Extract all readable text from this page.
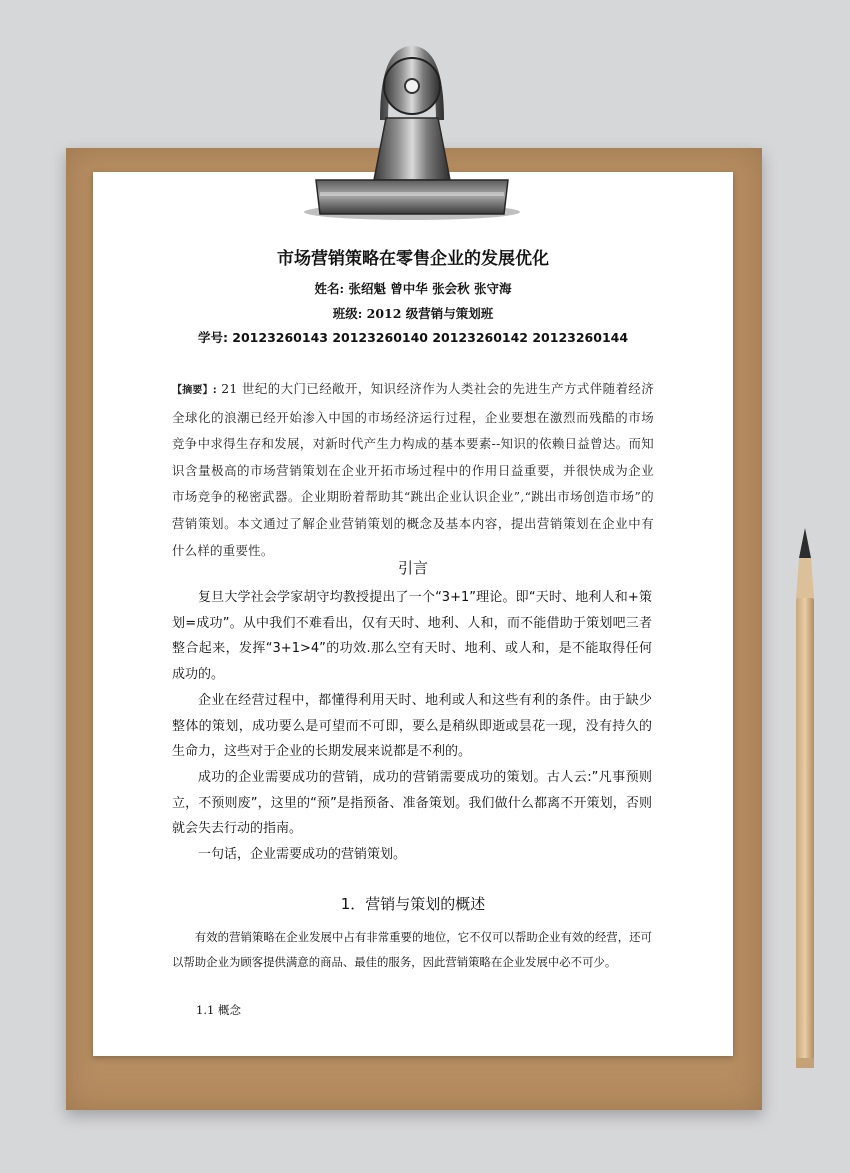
市场营销策略在零售企业的发展优化
姓名: 张绍魁 曾中华 张会秋 张守海
班级: 2012 级营销与策划班
学号: 20123260143 20123260140 20123260142 20123260144

【摘要】: 21 世纪的大门已经敞开，知识经济作为人类社会的先进生产方式伴随着经济全球化的浪潮已经开始渗入中国的市场经济运行过程，企业要想在激烈而残酷的市场竞争中求得生存和发展，对新时代产生力构成的基本要素--知识的依赖日益曾达。而知识含量极高的市场营销策划在企业开拓市场过程中的作用日益重要，并很快成为企业市场竞争的秘密武器。企业期盼着帮助其“跳出企业认识企业”,“跳出市场创造市场”的营销策划。本文通过了解企业营销策划的概念及基本内容，提出营销策划在企业中有什么样的重要性。

引言

复旦大学社会学家胡守均教授提出了一个“3+1”理论。即“天时、地利人和+策划=成功”。从中我们不难看出，仅有天时、地利、人和，而不能借助于策划吧三者整合起来，发挥“3+1>4”的功效.那么空有天时、地利、或人和，是不能取得任何成功的。

企业在经营过程中，都懂得利用天时、地利或人和这些有利的条件。由于缺少整体的策划，成功要么是可望而不可即，要么是稍纵即逝或昙花一现，没有持久的生命力，这些对于企业的长期发展来说都是不利的。

成功的企业需要成功的营销，成功的营销需要成功的策划。古人云:”凡事预则立，不预则废”，这里的“预”是指预备、准备策划。我们做什么都离不开策划，否则就会失去行动的指南。

一句话，企业需要成功的营销策划。

1．营销与策划的概述

有效的营销策略在企业发展中占有非常重要的地位，它不仅可以帮助企业有效的经营，还可以帮助企业为顾客提供满意的商品、最佳的服务，因此营销策略在企业发展中必不可少。

1.1 概念
